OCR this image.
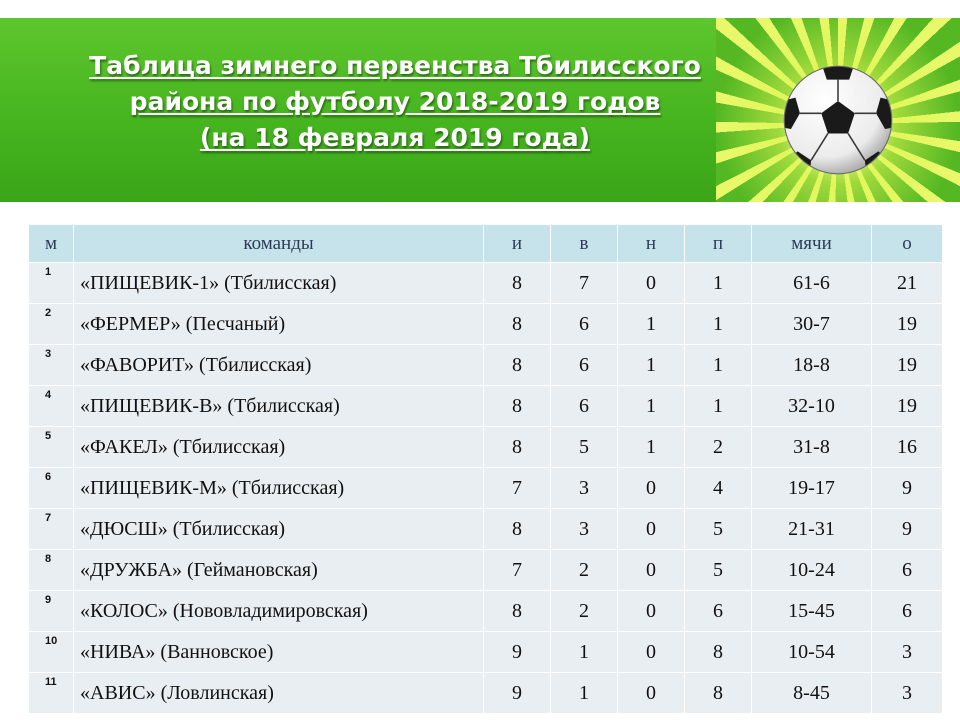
Таблица зимнего первенства Тбилисского
района по футболу 2018-2019 годов
(на 18 февраля 2019 года)
м	команды	и	в	н	п	мячи	о
1	«ПИЩЕВИК-1» (Тбилисская)	8	7	0	1	61-6	21
2	«ФЕРМЕР» (Песчаный)	8	6	1	1	30-7	19
3	«ФАВОРИТ» (Тбилисская)	8	6	1	1	18-8	19
4	«ПИЩЕВИК-В» (Тбилисская)	8	6	1	1	32-10	19
5	«ФАКЕЛ» (Тбилисская)	8	5	1	2	31-8	16
6	«ПИЩЕВИК-М» (Тбилисская)	7	3	0	4	19-17	9
7	«ДЮСШ» (Тбилисская)	8	3	0	5	21-31	9
8	«ДРУЖБА» (Геймановская)	7	2	0	5	10-24	6
9	«КОЛОС» (Нововладимировская)	8	2	0	6	15-45	6
10	«НИВА» (Ванновское)	9	1	0	8	10-54	3
11	«АВИС» (Ловлинская)	9	1	0	8	8-45	3
